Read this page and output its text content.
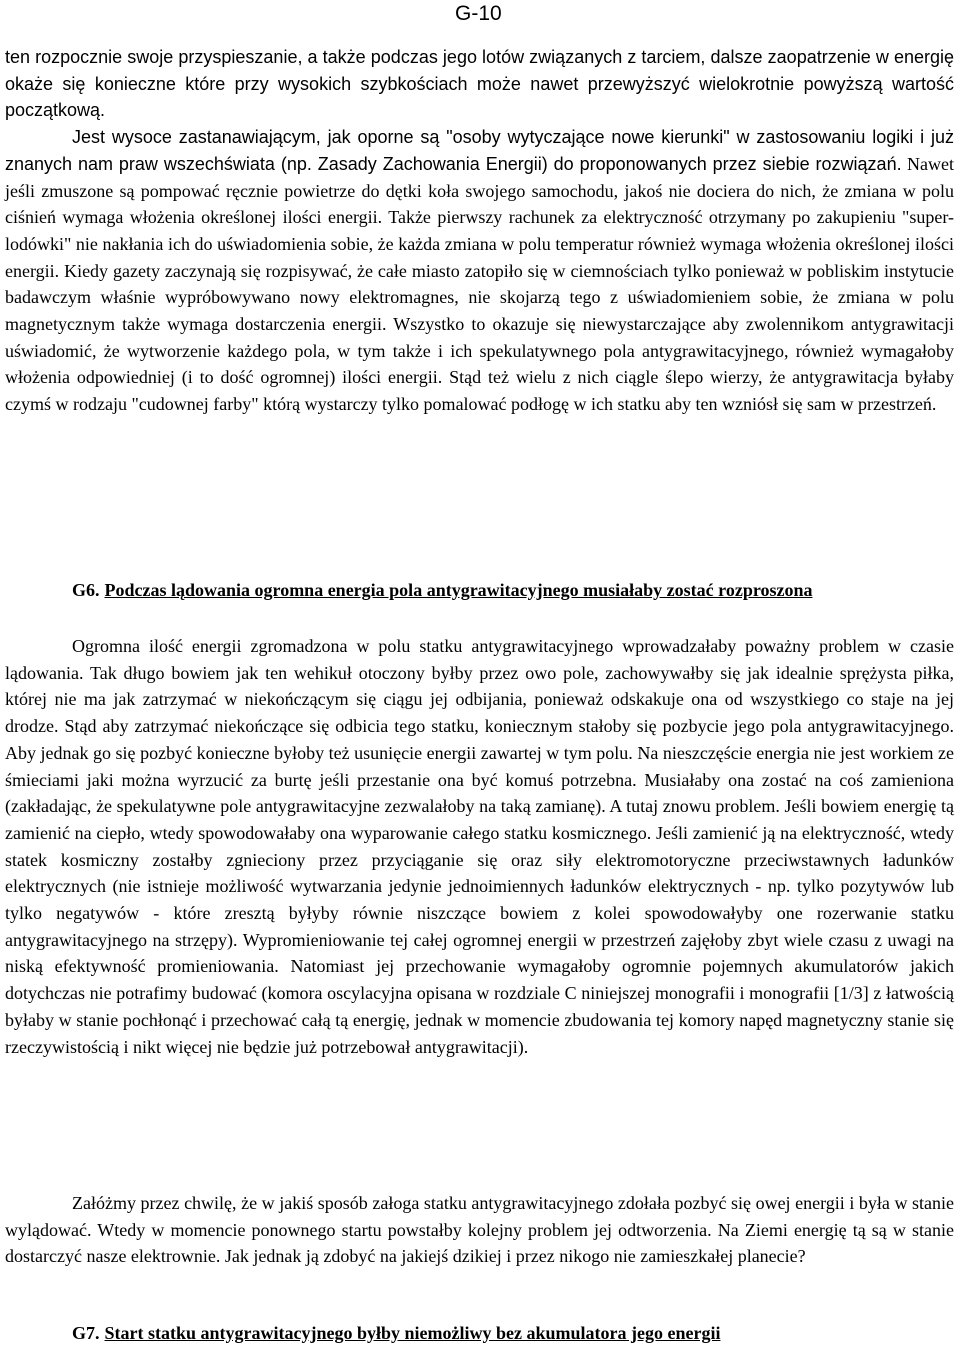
G-10
ten rozpocznie swoje przyspieszanie, a także podczas jego lotów związanych z tarciem, dalsze zaopatrzenie w energię okaże się konieczne które przy wysokich szybkościach może nawet przewyższyć wielokrotnie powyższą wartość początkową.
Jest wysoce zastanawiającym, jak oporne są "osoby wytyczające nowe kierunki" w zastosowaniu logiki i już znanych nam praw wszechświata (np. Zasady Zachowania Energii) do proponowanych przez siebie rozwiązań. Nawet jeśli zmuszone są pompować ręcznie powietrze do dętki koła swojego samochodu, jakoś nie dociera do nich, że zmiana w polu ciśnień wymaga włożenia określonej ilości energii. Także pierwszy rachunek za elektryczność otrzymany po zakupieniu "super-lodówki" nie nakłania ich do uświadomienia sobie, że każda zmiana w polu temperatur również wymaga włożenia określonej ilości energii. Kiedy gazety zaczynają się rozpisywać, że całe miasto zatopiło się w ciemnościach tylko ponieważ w pobliskim instytucie badawczym właśnie wypróbowywano nowy elektromagnes, nie skojarzą tego z uświadomieniem sobie, że zmiana w polu magnetycznym także wymaga dostarczenia energii. Wszystko to okazuje się niewystarczające aby zwolennikom antygrawitacji uświadomić, że wytworzenie każdego pola, w tym także i ich spekulatywnego pola antygrawitacyjnego, również wymagałoby włożenia odpowiedniej (i to dość ogromnej) ilości energii. Stąd też wielu z nich ciągle ślepo wierzy, że antygrawitacja byłaby czymś w rodzaju "cudownej farby" którą wystarczy tylko pomalować podłogę w ich statku aby ten wzniósł się sam w przestrzeń.
G6. Podczas lądowania ogromna energia pola antygrawitacyjnego musiałaby zostać rozproszona

Ogromna ilość energii zgromadzona w polu statku antygrawitacyjnego wprowadzałaby poważny problem w czasie lądowania. Tak długo bowiem jak ten wehikuł otoczony byłby przez owo pole, zachowywałby się jak idealnie sprężysta piłka, której nie ma jak zatrzymać w niekończącym się ciągu jej odbijania, ponieważ odskakuje ona od wszystkiego co staje na jej drodze. Stąd aby zatrzymać niekończące się odbicia tego statku, koniecznym stałoby się pozbycie jego pola antygrawitacyjnego. Aby jednak go się pozbyć konieczne byłoby też usunięcie energii zawartej w tym polu. Na nieszczęście energia nie jest workiem ze śmieciami jaki można wyrzucić za burtę jeśli przestanie ona być komuś potrzebna. Musiałaby ona zostać na coś zamieniona (zakładając, że spekulatywne pole antygrawitacyjne zezwalałoby na taką zamianę). A tutaj znowu problem. Jeśli bowiem energię tą zamienić na ciepło, wtedy spowodowałaby ona wyparowanie całego statku kosmicznego. Jeśli zamienić ją na elektryczność, wtedy statek kosmiczny zostałby zgnieciony przez przyciąganie się oraz siły elektromotoryczne przeciwstawnych ładunków elektrycznych (nie istnieje możliwość wytwarzania jedynie jednoimiennych ładunków elektrycznych - np. tylko pozytywów lub tylko negatywów - które zresztą byłyby równie niszczące bowiem z kolei spowodowałyby one rozerwanie statku antygrawitacyjnego na strzępy). Wypromieniowanie tej całej ogromnej energii w przestrzeń zajęłoby zbyt wiele czasu z uwagi na niską efektywność promieniowania. Natomiast jej przechowanie wymagałoby ogromnie pojemnych akumulatorów jakich dotychczas nie potrafimy budować (komora oscylacyjna opisana w rozdziale C niniejszej monografii i monografii [1/3] z łatwością byłaby w stanie pochłonąć i przechować całą tą energię, jednak w momencie zbudowania tej komory napęd magnetyczny stanie się rzeczywistością i nikt więcej nie będzie już potrzebował antygrawitacji).

Załóżmy przez chwilę, że w jakiś sposób załoga statku antygrawitacyjnego zdołała pozbyć się owej energii i była w stanie wylądować. Wtedy w momencie ponownego startu powstałby kolejny problem jej odtworzenia. Na Ziemi energię tą są w stanie dostarczyć nasze elektrownie. Jak jednak ją zdobyć na jakiejś dzikiej i przez nikogo nie zamieszkałej planecie?

G7. Start statku antygrawitacyjnego byłby niemożliwy bez akumulatora jego energii
